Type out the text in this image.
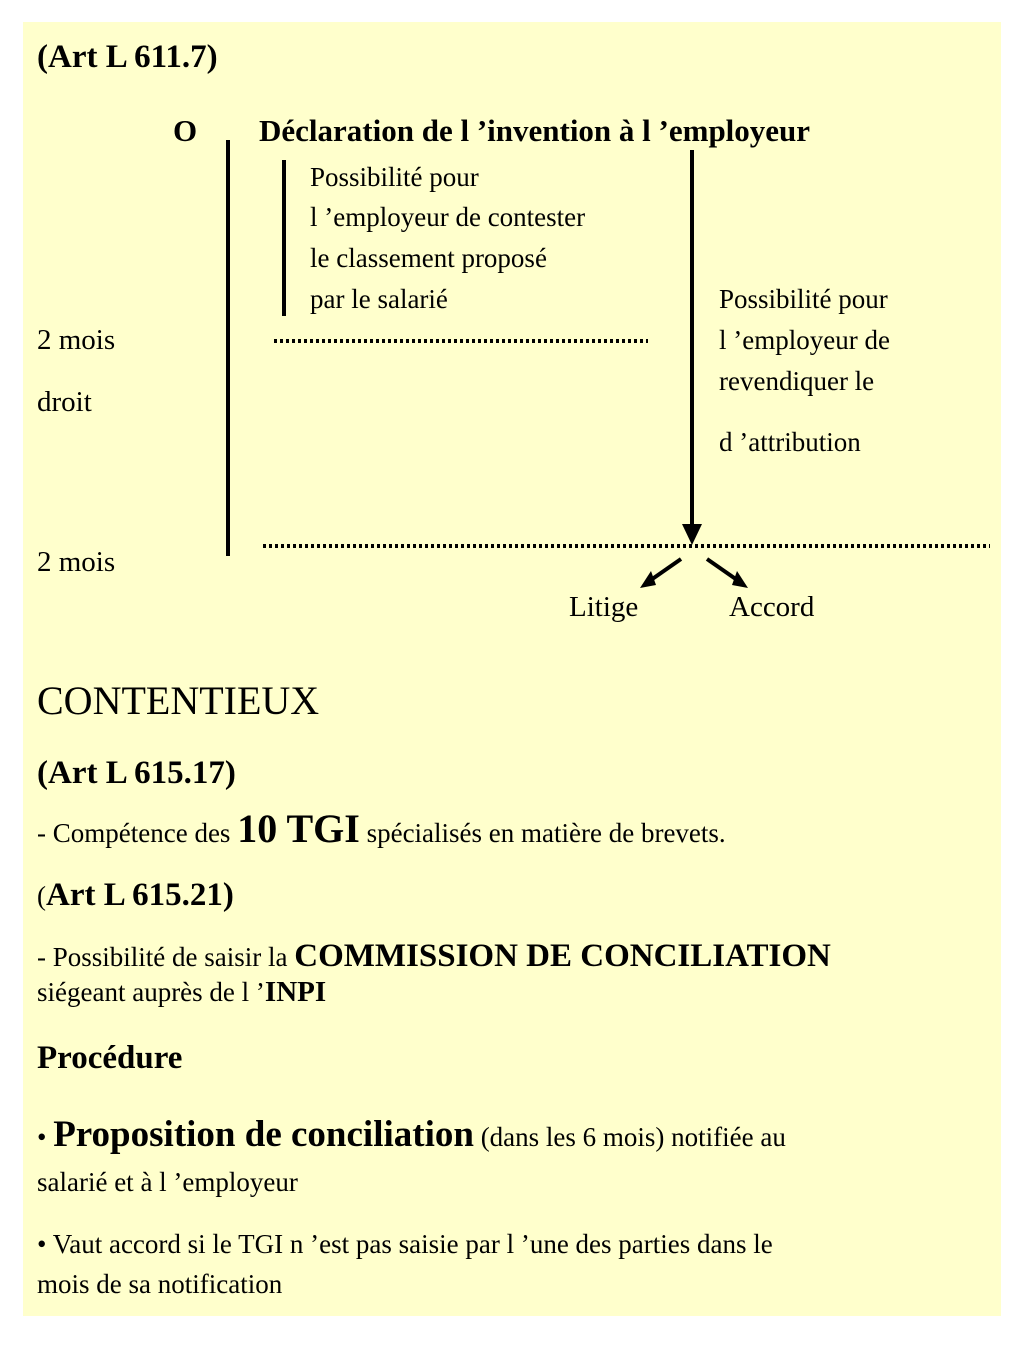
(Art L 611.7)
O Déclaration de l ’invention à l ’employeur
Possibilité pour
l ’employeur de contester
le classement proposé
par le salarié
2 mois
droit
2 mois
Possibilité pour
l ’employeur de
revendiquer le
d ’attribution
Litige	Accord
CONTENTIEUX
(Art L 615.17)
- Compétence des 10 TGI spécialisés en matière de brevets.
(Art L 615.21)
- Possibilité de saisir la COMMISSION DE CONCILIATION
siégeant auprès de l ’INPI
Procédure
• Proposition de conciliation (dans les 6 mois) notifiée au
salarié et à l ’employeur
• Vaut accord si le TGI n ’est pas saisie par l ’une des parties dans le
mois de sa notification
